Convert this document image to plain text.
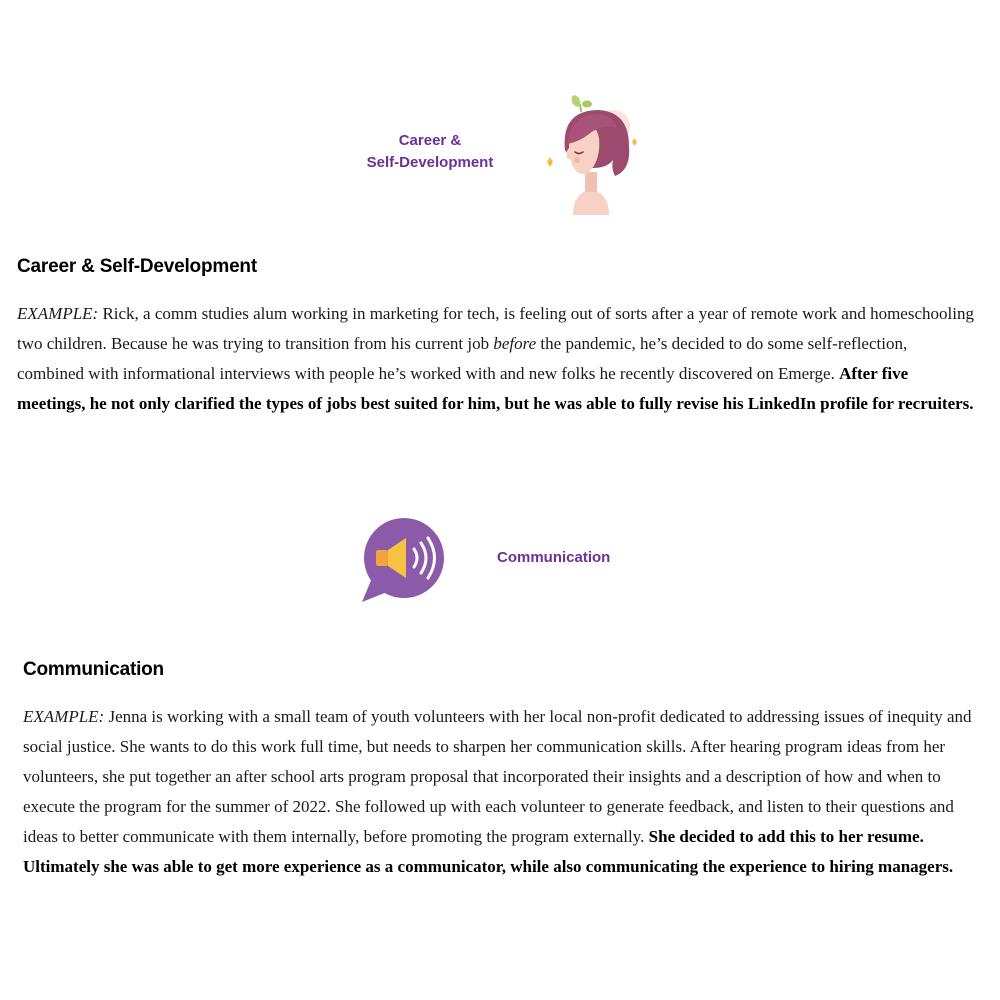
Career &
Self-Development
Career & Self-Development

EXAMPLE: Rick, a comm studies alum working in marketing for tech, is feeling out of sorts after a year of remote work and homeschooling two children. Because he was trying to transition from his current job before the pandemic, he’s decided to do some self-reflection, combined with informational interviews with people he’s worked with and new folks he recently discovered on Emerge. After five meetings, he not only clarified the types of jobs best suited for him, but he was able to fully revise his LinkedIn profile for recruiters.

Communication
Communication

EXAMPLE: Jenna is working with a small team of youth volunteers with her local non-profit dedicated to addressing issues of inequity and social justice. She wants to do this work full time, but needs to sharpen her communication skills. After hearing program ideas from her volunteers, she put together an after school arts program proposal that incorporated their insights and a description of how and when to execute the program for the summer of 2022. She followed up with each volunteer to generate feedback, and listen to their questions and ideas to better communicate with them internally, before promoting the program externally. She decided to add this to her resume. Ultimately she was able to get more experience as a communicator, while also communicating the experience to hiring managers.
